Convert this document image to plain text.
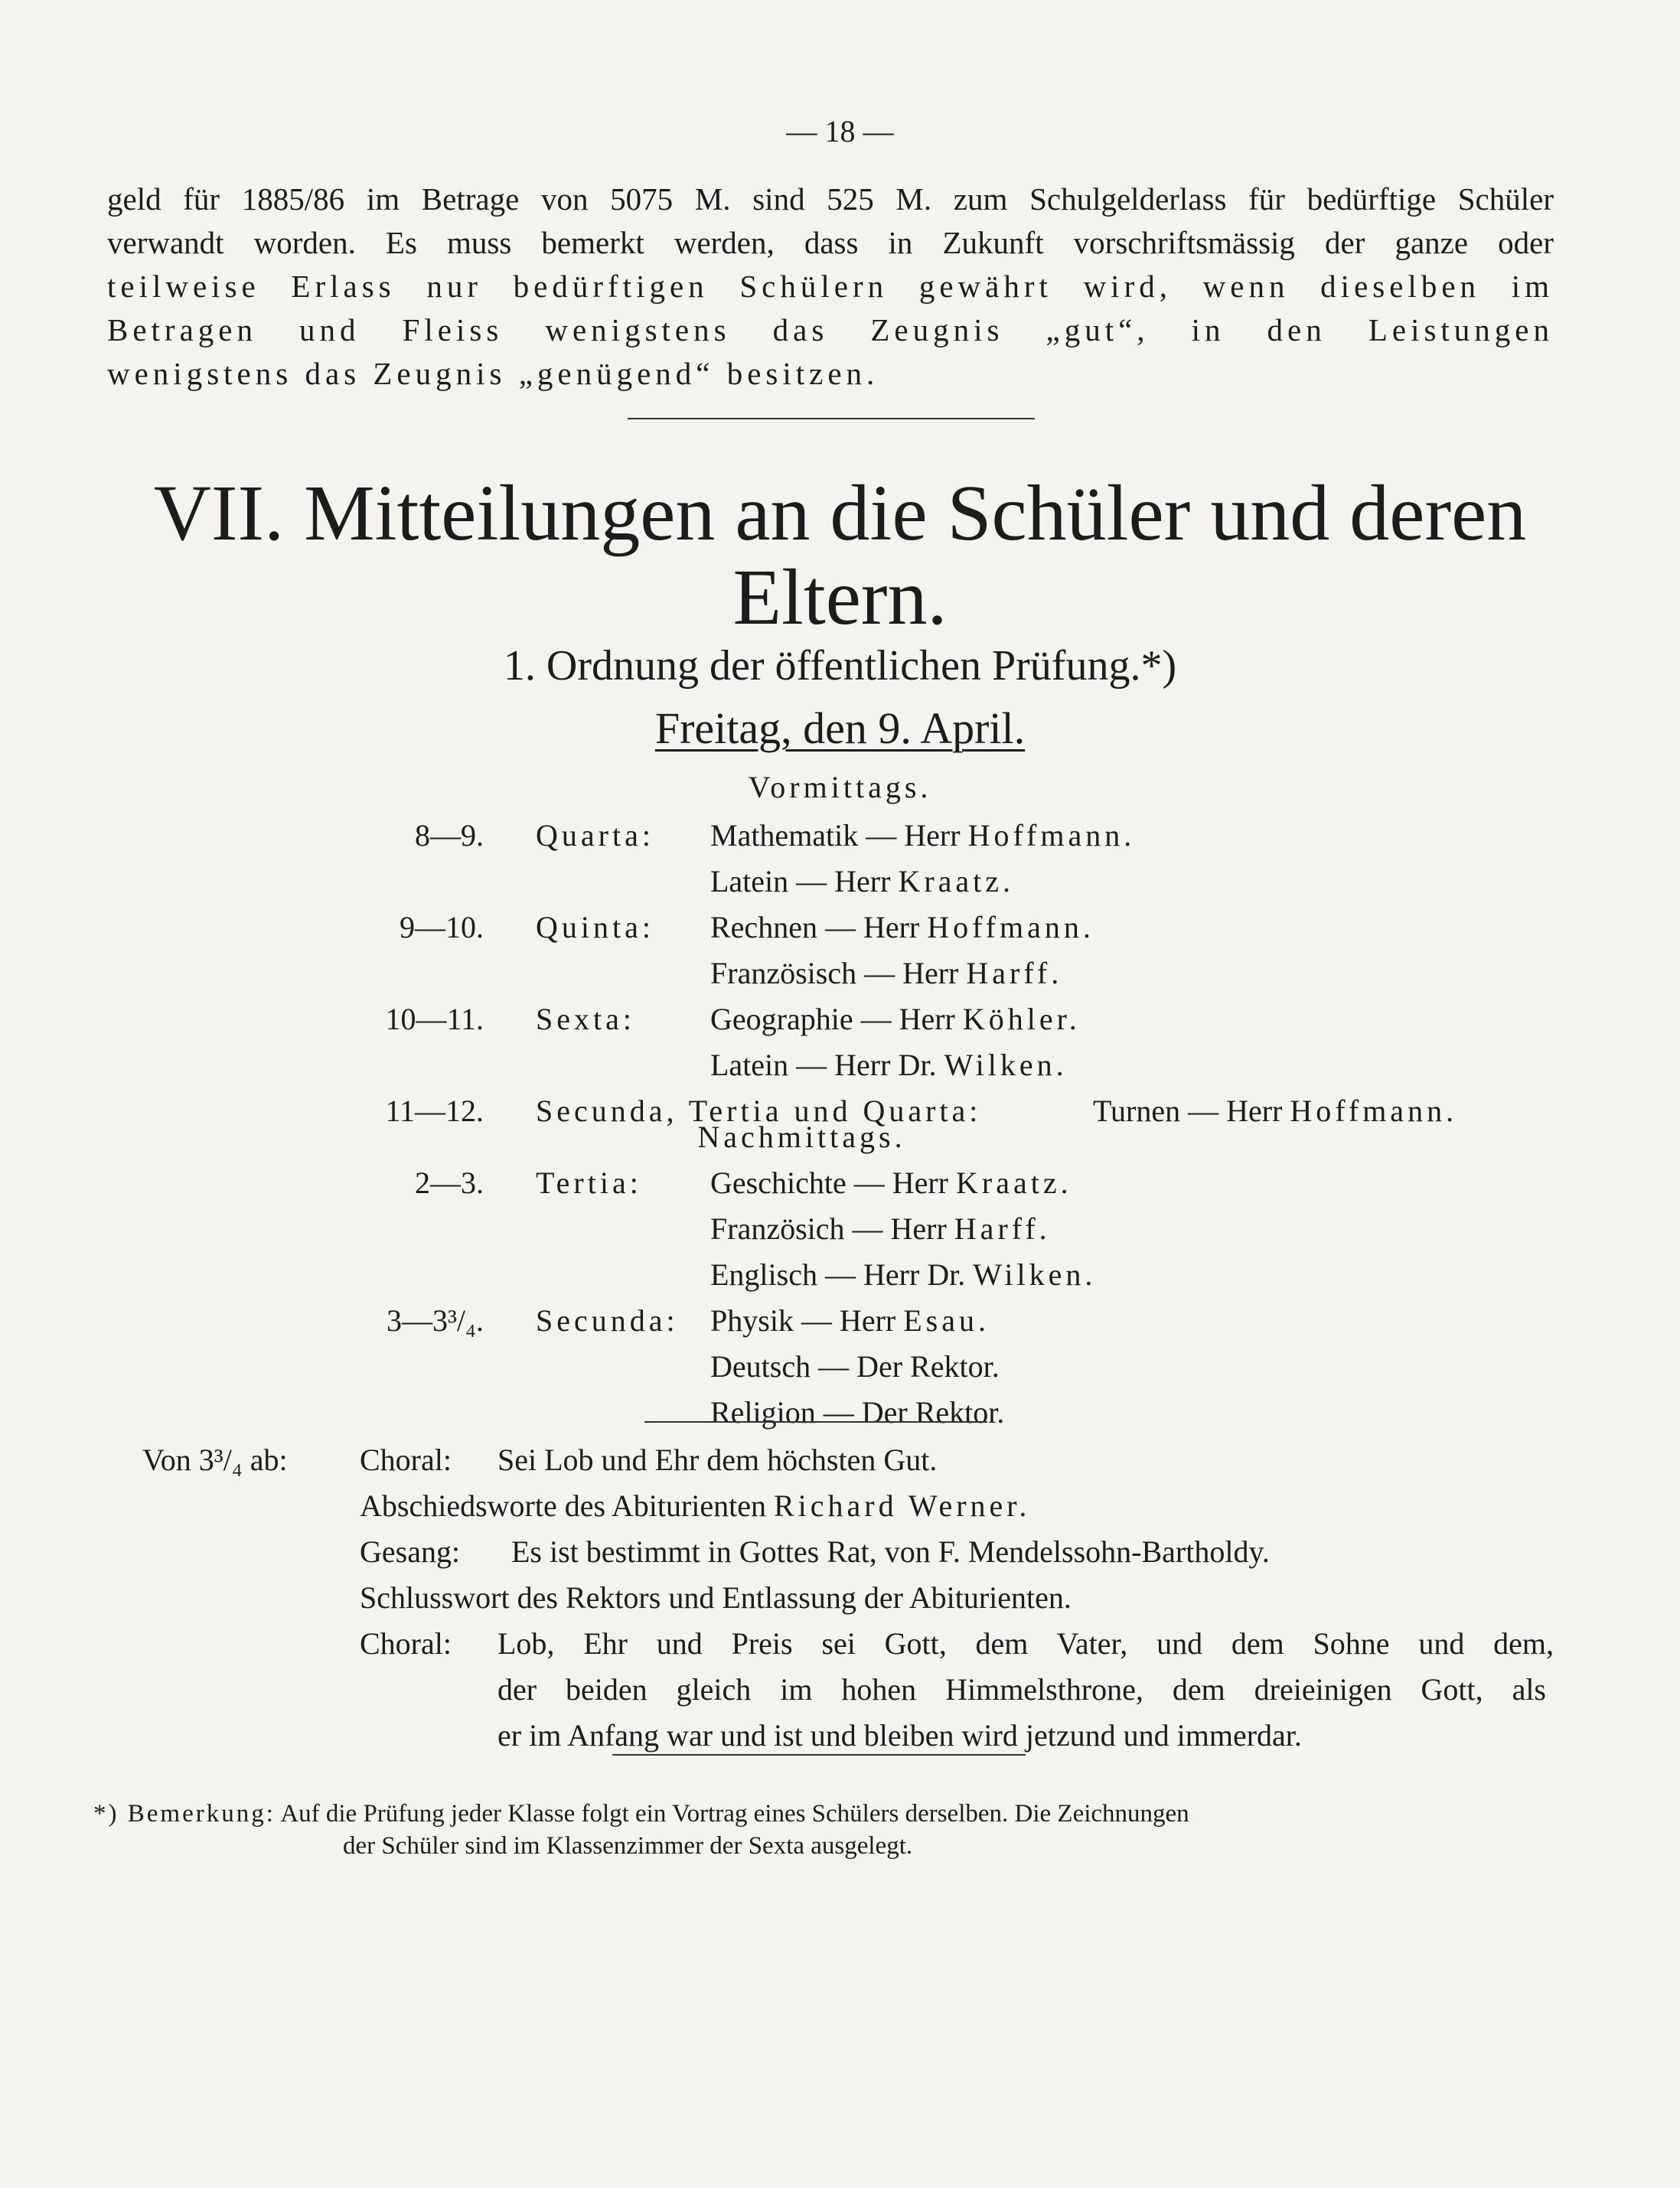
— 18 —
geld für 1885/86 im Betrage von 5075 M. sind 525 M. zum Schulgelderlass für bedürftige Schüler
verwandt worden. Es muss bemerkt werden, dass in Zukunft vorschriftsmässig der ganze oder
teilweise Erlass nur bedürftigen Schülern gewährt wird, wenn dieselben im
Betragen und Fleiss wenigstens das Zeugnis „gut“, in den Leistungen
wenigstens das Zeugnis „genügend“ besitzen.
VII. Mitteilungen an die Schüler und deren
Eltern.
1. Ordnung der öffentlichen Prüfung.*)
Freitag, den 9. April.
Vormittags.
8—9. Quarta: Mathematik — Herr Hoffmann.
Latein — Herr Kraatz.
9—10. Quinta: Rechnen — Herr Hoffmann.
Französisch — Herr Harff.
10—11. Sexta: Geographie — Herr Köhler.
Latein — Herr Dr. Wilken.
11—12. Secunda, Tertia und Quarta:	Turnen — Herr Hoffmann.
Nachmittags.
2—3. Tertia: Geschichte — Herr Kraatz.
Französich — Herr Harff.
Englisch — Herr Dr. Wilken.
3—3³/₄. Secunda: Physik — Herr Esau.
Deutsch — Der Rektor.
Religion — Der Rektor.
Von 3³/₄ ab: Choral: Sei Lob und Ehr dem höchsten Gut.
Abschiedsworte des Abiturienten Richard Werner.
Gesang: Es ist bestimmt in Gottes Rat, von F. Mendelssohn-Bartholdy.
Schlusswort des Rektors und Entlassung der Abiturienten.
Choral: Lob, Ehr und Preis sei Gott, dem Vater, und dem Sohne und dem,
der beiden gleich im hohen Himmelsthrone, dem dreieinigen Gott, als
er im Anfang war und ist und bleiben wird jetzund und immerdar.
*) Bemerkung: Auf die Prüfung jeder Klasse folgt ein Vortrag eines Schülers derselben. Die Zeichnungen
der Schüler sind im Klassenzimmer der Sexta ausgelegt.
